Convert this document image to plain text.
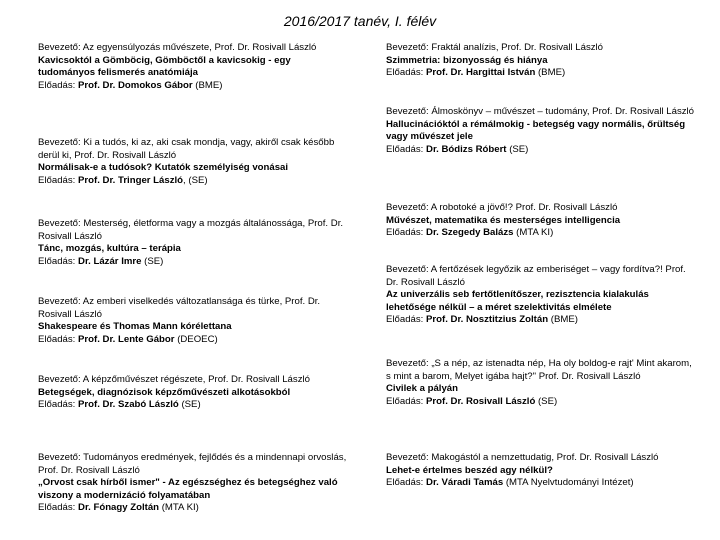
2016/2017 tanév, I. félév
Bevezető: Az egyensúlyozás művészete, Prof. Dr. Rosivall László
Kavicsoktól a Gömböcig, Gömböctől a kavicsokig - egy tudományos felismerés anatómiája
Előadás: Prof. Dr. Domokos Gábor (BME)
Bevezető: Ki a tudós, ki az, aki csak mondja, vagy, akiről csak később derül ki, Prof. Dr. Rosivall László
Normálisak-e a tudósok? Kutatók személyiség vonásai
Előadás: Prof. Dr. Tringer László, (SE)
Bevezető: Mesterség, életforma vagy a mozgás általánossága, Prof. Dr. Rosivall László
Tánc, mozgás, kultúra – terápia
Előadás: Dr. Lázár Imre (SE)
Bevezető: Az emberi viselkedés változatlansága és türke, Prof. Dr. Rosivall László
Shakespeare és Thomas Mann kórélettana
Előadás: Prof. Dr. Lente Gábor (DEOEC)
Bevezető: A képzőművészet régészete, Prof. Dr. Rosivall László
Betegségek, diagnózisok képzőművészeti alkotásokból
Előadás: Prof. Dr. Szabó László (SE)
Bevezető: Tudományos eredmények, fejlődés és a mindennapi orvoslás, Prof. Dr. Rosivall László
„Orvost csak hírből ismer" - Az egészséghez és betegséghez való viszony a modernizáció folyamatában
Előadás: Dr. Fónagy Zoltán (MTA KI)
Bevezető: Fraktál analízis, Prof. Dr. Rosivall László
Szimmetria: bizonyosság és hiánya
Előadás: Prof. Dr. Hargittai István (BME)
Bevezető: Álmoskönyv – művészet – tudomány, Prof. Dr. Rosivall László
Hallucinációktól a rémálmokig - betegség vagy normális, őrültség vagy művészet jele
Előadás: Dr. Bódizs Róbert (SE)
Bevezető: A robotoké a jövő!? Prof. Dr. Rosivall László
Művészet, matematika és mesterséges intelligencia
Előadás: Dr. Szegedy Balázs (MTA KI)
Bevezető: A fertőzések legyőzik az emberiséget – vagy fordítva?! Prof. Dr. Rosivall László
Az univerzális seb fertőtlenítőszer, rezisztencia kialakulás lehetősége nélkül – a méret szelektivitás elmélete
Előadás: Prof. Dr. Nosztitzius Zoltán (BME)
Bevezető: „S a nép, az istenadta nép, Ha oly boldog-e rajt' Mint akarom, s mint a barom, Melyet igába hajt?" Prof. Dr. Rosivall László
Civilek a pályán
Előadás: Prof. Dr. Rosivall László (SE)
Bevezető: Makogástól a nemzettudatig, Prof. Dr. Rosivall László
Lehet-e értelmes beszéd agy nélkül?
Előadás: Dr. Váradi Tamás (MTA Nyelvtudományi Intézet)
